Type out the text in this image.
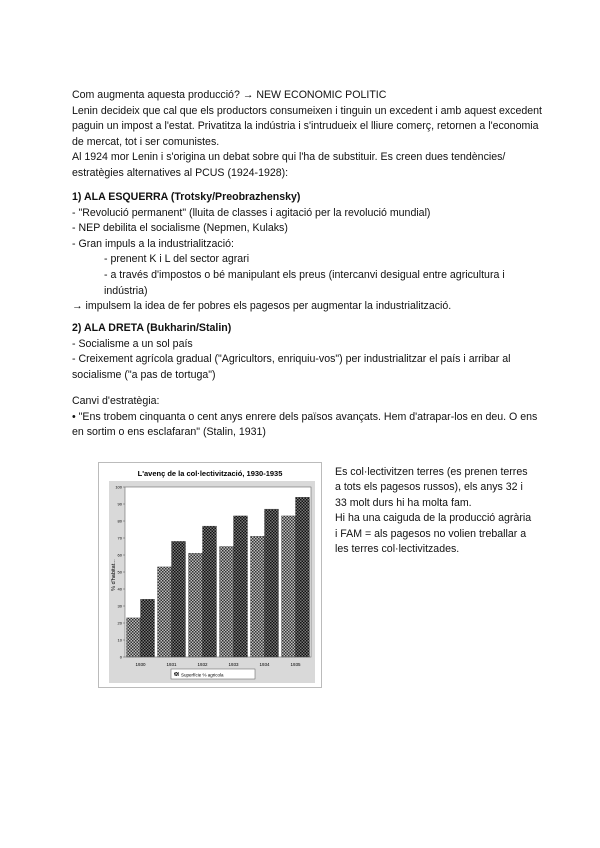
Com augmenta aquesta producció? → NEW ECONOMIC POLITIC

Lenin decideix que cal que els productors consumeixen i tinguin un excedent i amb aquest excedent paguin un impost a l'estat. Privatitza la indústria i s'intrudueix el lliure comerç, retornen a l'economia de mercat, tot i ser comunistes.

Al 1924 mor Lenin i s'origina un debat sobre qui l'ha de substituir. Es creen dues tendències/ estratègies alternatives al PCUS (1924-1928):

1) ALA ESQUERRA (Trotsky/Preobrazhensky)

- "Revolució permanent" (lluita de classes i agitació per la revolució mundial)

- NEP debilita el socialisme (Nepmen, Kulaks)

- Gran impuls a la industrialització:

- prenent K i L del sector agrari

- a través d'impostos o bé manipulant els preus (intercanvi desigual entre agricultura i indústria)

→ impulsem la idea de fer pobres els pagesos per augmentar la industrialització.

2) ALA DRETA (Bukharin/Stalin)

- Socialisme a un sol país

- Creixement agrícola gradual ("Agricultors, enriquiu-vos") per industrialitzar el país i arribar al socialisme ("a pas de tortuga")

Canvi d'estratègia:

• "Ens trobem cinquanta o cent anys enrere dels països avançats. Hem d'atrapar-los en deu. O ens en sortim o ens esclafaran" (Stalin, 1931)

L'avenç de la col·lectivització, 1930-1935
0
10
20
30
40
50
60
70
80
90
100
1930	1931	1932	1933	1934	1935
% d'habitat...
Superfície % agricola

Es col·lectivitzen terres (es prenen terres a tots els pagesos russos), els anys 32 i 33 molt durs hi ha molta fam.

Hi ha una caiguda de la producció agrària i FAM = als pagesos no volien treballar a les terres col·lectivitzades.
